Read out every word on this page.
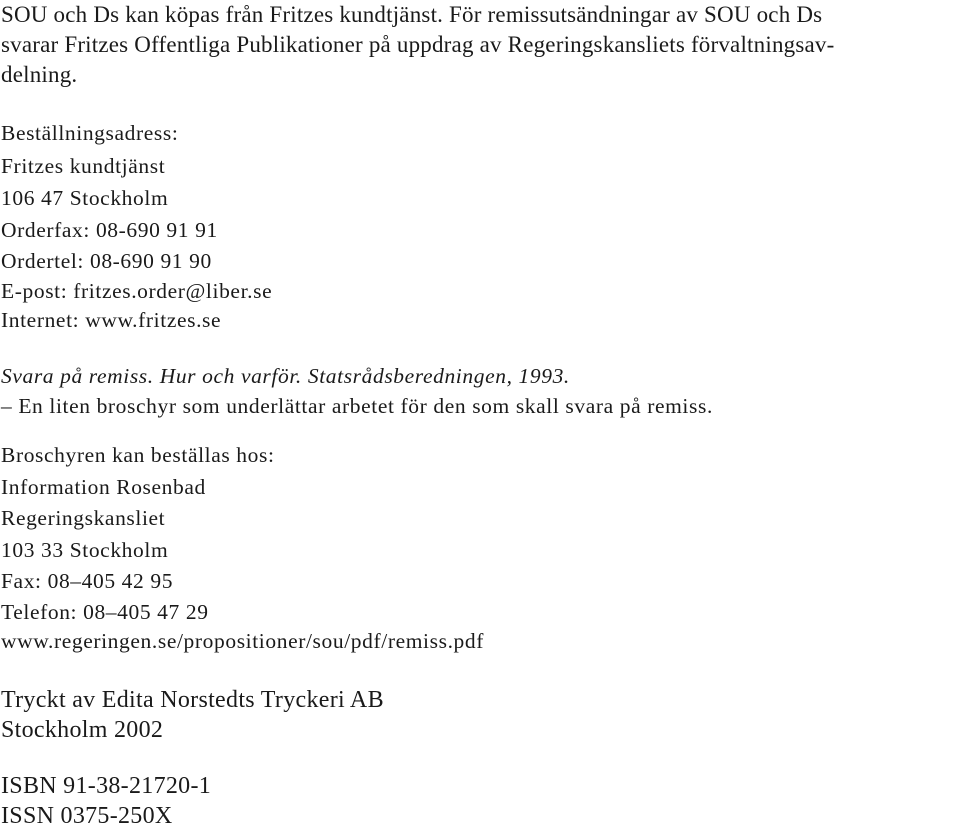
SOU och Ds kan köpas från Fritzes kundtjänst. För remissutsändningar av SOU och Ds
svarar Fritzes Offentliga Publikationer på uppdrag av Regeringskansliets förvaltningsav-
delning.
Beställningsadress:
Fritzes kundtjänst
106 47 Stockholm
Orderfax: 08-690 91 91
Ordertel: 08-690 91 90
E-post: fritzes.order@liber.se
Internet: www.fritzes.se
Svara på remiss. Hur och varför. Statsrådsberedningen, 1993.
– En liten broschyr som underlättar arbetet för den som skall svara på remiss.
Broschyren kan beställas hos:
Information Rosenbad
Regeringskansliet
103 33 Stockholm
Fax: 08–405 42 95
Telefon: 08–405 47 29
www.regeringen.se/propositioner/sou/pdf/remiss.pdf
Tryckt av Edita Norstedts Tryckeri AB
Stockholm 2002
ISBN 91-38-21720-1
ISSN 0375-250X
